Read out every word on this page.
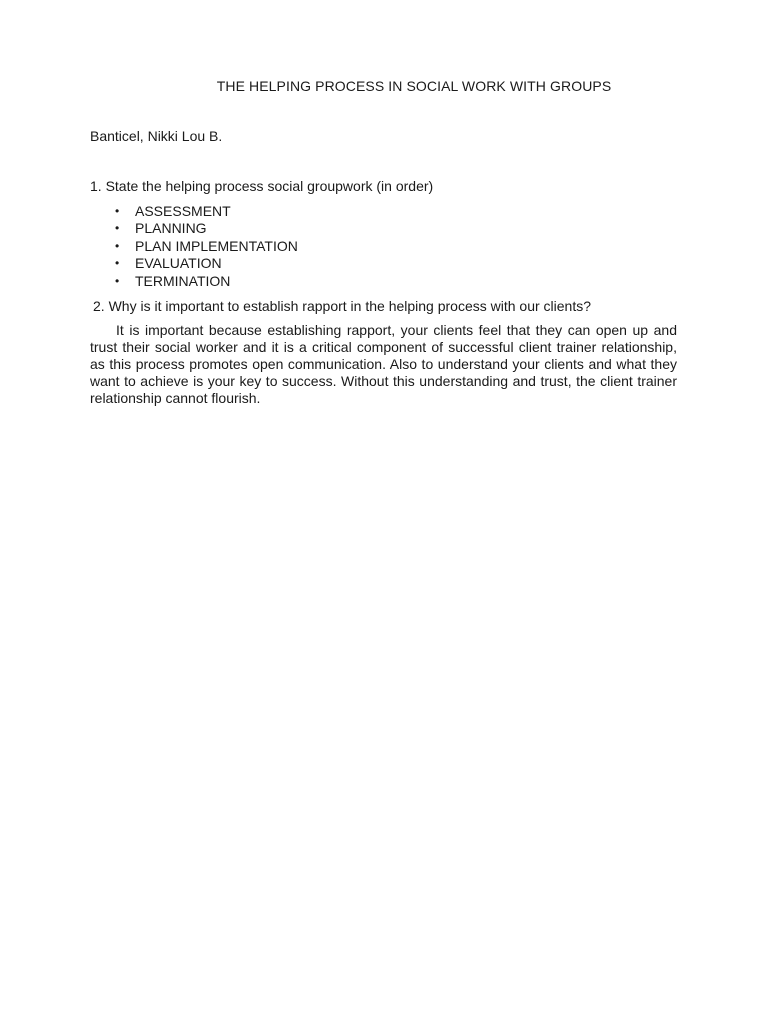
THE HELPING PROCESS IN SOCIAL WORK WITH GROUPS
Banticel, Nikki Lou B.
1. State the helping process social groupwork (in order)
• ASSESSMENT
• PLANNING
• PLAN IMPLEMENTATION
• EVALUATION
• TERMINATION
2. Why is it important to establish rapport in the helping process with our clients?

It is important because establishing rapport, your clients feel that they can open up and trust their social worker and it is a critical component of successful client trainer relationship, as this process promotes open communication. Also to understand your clients and what they want to achieve is your key to success. Without this understanding and trust, the client trainer relationship cannot flourish.
